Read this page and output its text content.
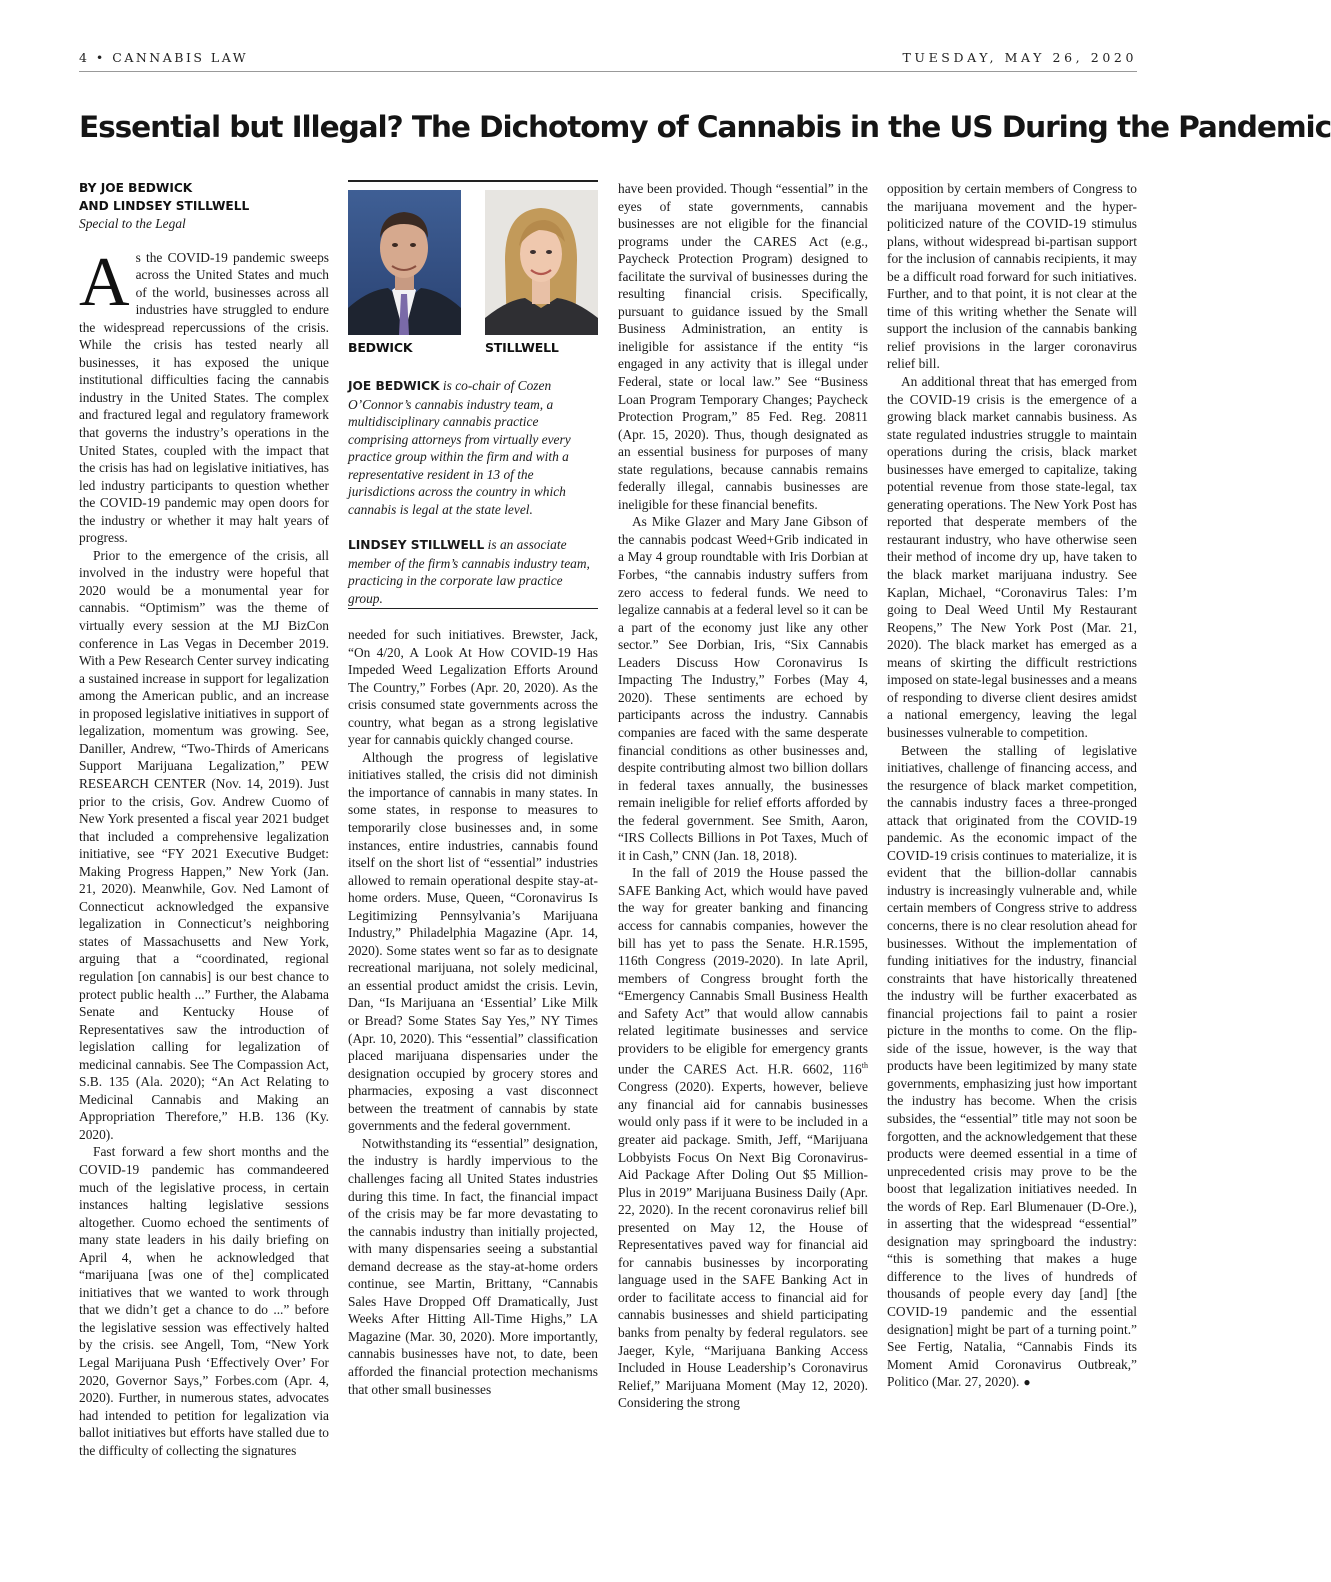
4 • CANNABIS LAW	TUESDAY, MAY 26, 2020
Essential but Illegal? The Dichotomy of Cannabis in the US During the Pandemic
BY JOE BEDWICK
AND LINDSEY STILLWELL
Special to the Legal

As the COVID-19 pandemic sweeps across the United States and much of the world, businesses across all industries have struggled to endure the widespread repercussions of the crisis. While the crisis has tested nearly all businesses, it has exposed the unique institutional difficulties facing the cannabis industry in the United States. The complex and fractured legal and regulatory framework that governs the industry’s operations in the United States, coupled with the impact that the crisis has had on legislative initiatives, has led industry participants to question whether the COVID-19 pandemic may open doors for the industry or whether it may halt years of progress.

Prior to the emergence of the crisis, all involved in the industry were hopeful that 2020 would be a monumental year for cannabis. “Optimism” was the theme of virtually every session at the MJ BizCon conference in Las Vegas in December 2019. With a Pew Research Center survey indicating a sustained increase in support for legalization among the American public, and an increase in proposed legislative initiatives in support of legalization, momentum was growing. See, Daniller, Andrew, “Two-Thirds of Americans Support Marijuana Legalization,” PEW RESEARCH CENTER (Nov. 14, 2019). Just prior to the crisis, Gov. Andrew Cuomo of New York presented a fiscal year 2021 budget that included a comprehensive legalization initiative, see “FY 2021 Executive Budget: Making Progress Happen,” New York (Jan. 21, 2020). Meanwhile, Gov. Ned Lamont of Connecticut acknowledged the expansive legalization in Connecticut’s neighboring states of Massachusetts and New York, arguing that a “coordinated, regional regulation [on cannabis] is our best chance to protect public health ...” Further, the Alabama Senate and Kentucky House of Representatives saw the introduction of legislation calling for legalization of medicinal cannabis. See The Compassion Act, S.B. 135 (Ala. 2020); “An Act Relating to Medicinal Cannabis and Making an Appropriation Therefore,” H.B. 136 (Ky. 2020).

Fast forward a few short months and the COVID-19 pandemic has commandeered much of the legislative process, in certain instances halting legislative sessions altogether. Cuomo echoed the sentiments of many state leaders in his daily briefing on April 4, when he acknowledged that “marijuana [was one of the] complicated initiatives that we wanted to work through that we didn’t get a chance to do ...” before the legislative session was effectively halted by the crisis. see Angell, Tom, “New York Legal Marijuana Push ‘Effectively Over’ For 2020, Governor Says,” Forbes.com (Apr. 4, 2020). Further, in numerous states, advocates had intended to petition for legalization via ballot initiatives but efforts have stalled due to the difficulty of collecting the signatures

BEDWICK	STILLWELL

JOE BEDWICK is co-chair of Cozen O’Connor’s cannabis industry team, a multidisciplinary cannabis practice comprising attorneys from virtually every practice group within the firm and with a representative resident in 13 of the jurisdictions across the country in which cannabis is legal at the state level.

LINDSEY STILLWELL is an associate member of the firm’s cannabis industry team, practicing in the corporate law practice group.

needed for such initiatives. Brewster, Jack, “On 4/20, A Look At How COVID-19 Has Impeded Weed Legalization Efforts Around The Country,” Forbes (Apr. 20, 2020). As the crisis consumed state governments across the country, what began as a strong legislative year for cannabis quickly changed course.

Although the progress of legislative initiatives stalled, the crisis did not diminish the importance of cannabis in many states. In some states, in response to measures to temporarily close businesses and, in some instances, entire industries, cannabis found itself on the short list of “essential” industries allowed to remain operational despite stay-at-home orders. Muse, Queen, “Coronavirus Is Legitimizing Pennsylvania’s Marijuana Industry,” Philadelphia Magazine (Apr. 14, 2020). Some states went so far as to designate recreational marijuana, not solely medicinal, an essential product amidst the crisis. Levin, Dan, “Is Marijuana an ‘Essential’ Like Milk or Bread? Some States Say Yes,” NY Times (Apr. 10, 2020). This “essential” classification placed marijuana dispensaries under the designation occupied by grocery stores and pharmacies, exposing a vast disconnect between the treatment of cannabis by state governments and the federal government.

Notwithstanding its “essential” designation, the industry is hardly impervious to the challenges facing all United States industries during this time. In fact, the financial impact of the crisis may be far more devastating to the cannabis industry than initially projected, with many dispensaries seeing a substantial demand decrease as the stay-at-home orders continue, see Martin, Brittany, “Cannabis Sales Have Dropped Off Dramatically, Just Weeks After Hitting All-Time Highs,” LA Magazine (Mar. 30, 2020). More importantly, cannabis businesses have not, to date, been afforded the financial protection mechanisms that other small businesses

have been provided. Though “essential” in the eyes of state governments, cannabis businesses are not eligible for the financial programs under the CARES Act (e.g., Paycheck Protection Program) designed to facilitate the survival of businesses during the resulting financial crisis. Specifically, pursuant to guidance issued by the Small Business Administration, an entity is ineligible for assistance if the entity “is engaged in any activity that is illegal under Federal, state or local law.” See “Business Loan Program Temporary Changes; Paycheck Protection Program,” 85 Fed. Reg. 20811 (Apr. 15, 2020). Thus, though designated as an essential business for purposes of many state regulations, because cannabis remains federally illegal, cannabis businesses are ineligible for these financial benefits.

As Mike Glazer and Mary Jane Gibson of the cannabis podcast Weed+Grib indicated in a May 4 group roundtable with Iris Dorbian at Forbes, “the cannabis industry suffers from zero access to federal funds. We need to legalize cannabis at a federal level so it can be a part of the economy just like any other sector.” See Dorbian, Iris, “Six Cannabis Leaders Discuss How Coronavirus Is Impacting The Industry,” Forbes (May 4, 2020). These sentiments are echoed by participants across the industry. Cannabis companies are faced with the same desperate financial conditions as other businesses and, despite contributing almost two billion dollars in federal taxes annually, the businesses remain ineligible for relief efforts afforded by the federal government. See Smith, Aaron, “IRS Collects Billions in Pot Taxes, Much of it in Cash,” CNN (Jan. 18, 2018).

In the fall of 2019 the House passed the SAFE Banking Act, which would have paved the way for greater banking and financing access for cannabis companies, however the bill has yet to pass the Senate. H.R.1595, 116th Congress (2019-2020). In late April, members of Congress brought forth the “Emergency Cannabis Small Business Health and Safety Act” that would allow cannabis related legitimate businesses and service providers to be eligible for emergency grants under the CARES Act. H.R. 6602, 116th Congress (2020). Experts, however, believe any financial aid for cannabis businesses would only pass if it were to be included in a greater aid package. Smith, Jeff, “Marijuana Lobbyists Focus On Next Big Coronavirus-Aid Package After Doling Out $5 Million-Plus in 2019” Marijuana Business Daily (Apr. 22, 2020). In the recent coronavirus relief bill presented on May 12, the House of Representatives paved way for financial aid for cannabis businesses by incorporating language used in the SAFE Banking Act in order to facilitate access to financial aid for cannabis businesses and shield participating banks from penalty by federal regulators. see Jaeger, Kyle, “Marijuana Banking Access Included in House Leadership’s Coronavirus Relief,” Marijuana Moment (May 12, 2020). Considering the strong

opposition by certain members of Congress to the marijuana movement and the hyper-politicized nature of the COVID-19 stimulus plans, without widespread bi-partisan support for the inclusion of cannabis recipients, it may be a difficult road forward for such initiatives. Further, and to that point, it is not clear at the time of this writing whether the Senate will support the inclusion of the cannabis banking relief provisions in the larger coronavirus relief bill.

An additional threat that has emerged from the COVID-19 crisis is the emergence of a growing black market cannabis business. As state regulated industries struggle to maintain operations during the crisis, black market businesses have emerged to capitalize, taking potential revenue from those state-legal, tax generating operations. The New York Post has reported that desperate members of the restaurant industry, who have otherwise seen their method of income dry up, have taken to the black market marijuana industry. See Kaplan, Michael, “Coronavirus Tales: I’m going to Deal Weed Until My Restaurant Reopens,” The New York Post (Mar. 21, 2020). The black market has emerged as a means of skirting the difficult restrictions imposed on state-legal businesses and a means of responding to diverse client desires amidst a national emergency, leaving the legal businesses vulnerable to competition.

Between the stalling of legislative initiatives, challenge of financing access, and the resurgence of black market competition, the cannabis industry faces a three-pronged attack that originated from the COVID-19 pandemic. As the economic impact of the COVID-19 crisis continues to materialize, it is evident that the billion-dollar cannabis industry is increasingly vulnerable and, while certain members of Congress strive to address concerns, there is no clear resolution ahead for businesses. Without the implementation of funding initiatives for the industry, financial constraints that have historically threatened the industry will be further exacerbated as financial projections fail to paint a rosier picture in the months to come. On the flip-side of the issue, however, is the way that products have been legitimized by many state governments, emphasizing just how important the industry has become. When the crisis subsides, the “essential” title may not soon be forgotten, and the acknowledgement that these products were deemed essential in a time of unprecedented crisis may prove to be the boost that legalization initiatives needed. In the words of Rep. Earl Blumenauer (D-Ore.), in asserting that the widespread “essential” designation may springboard the industry: “this is something that makes a huge difference to the lives of hundreds of thousands of people every day [and] [the COVID-19 pandemic and the essential designation] might be part of a turning point.” See Fertig, Natalia, “Cannabis Finds its Moment Amid Coronavirus Outbreak,” Politico (Mar. 27, 2020). ●
